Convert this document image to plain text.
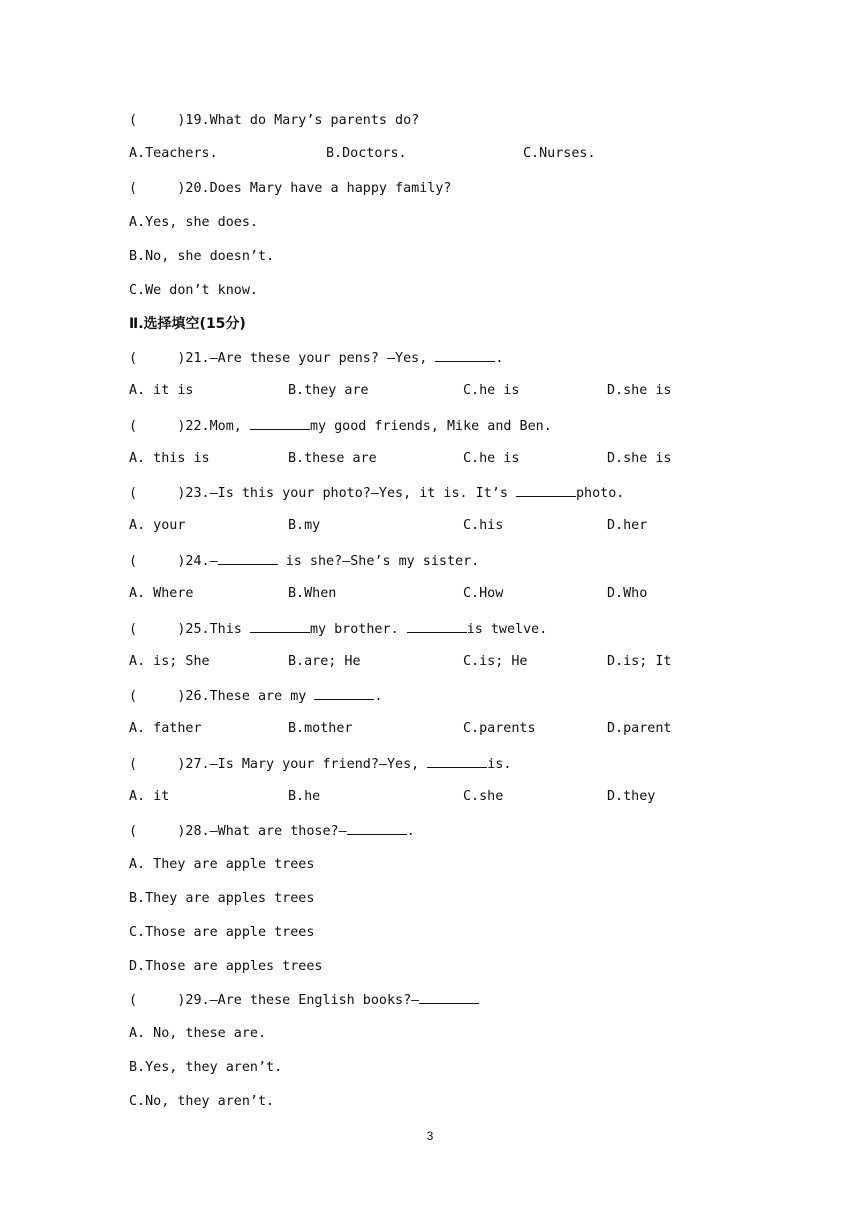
(     )19.What do Mary’s parents do?
A.Teachers.	B.Doctors.	C.Nurses.
(     )20.Does Mary have a happy family?
A.Yes, she does.
B.No, she doesn’t.
C.We don’t know.
Ⅱ.选择填空(15分)
(     )21.—Are these your pens? —Yes,	.
A. it is	B.they are	C.he is	D.she is
(     )22.Mom,	my good friends, Mike and Ben.
A. this is	B.these are	C.he is	D.she is
(     )23.—Is this your photo?—Yes, it is. It’s	photo.
A. your	B.my	C.his	D.her
(     )24.—	is she?—She’s my sister.
A. Where	B.When	C.How	D.Who
(     )25.This	my brother.	is twelve.
A. is; She	B.are; He	C.is; He	D.is; It
(     )26.These are my	.
A. father	B.mother	C.parents	D.parent
(     )27.—Is Mary your friend?—Yes,	is.
A. it	B.he	C.she	D.they
(     )28.—What are those?—	.
A. They are apple trees
B.They are apples trees
C.Those are apple trees
D.Those are apples trees
(     )29.—Are these English books?—
A. No, these are.
B.Yes, they aren’t.
C.No, they aren’t.
3
